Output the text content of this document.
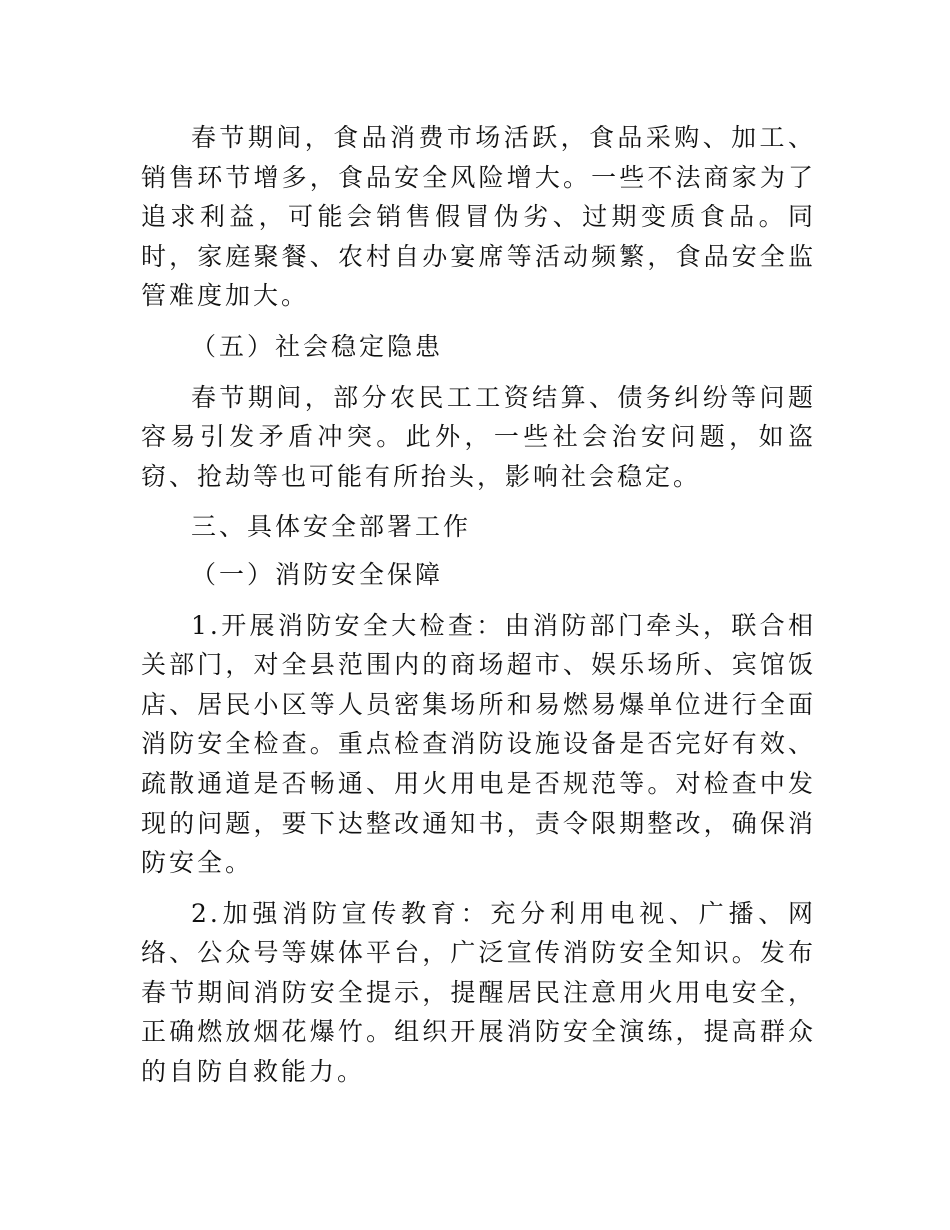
春节期间，食品消费市场活跃，食品采购、加工、销售环节增多，食品安全风险增大。一些不法商家为了追求利益，可能会销售假冒伪劣、过期变质食品。同时，家庭聚餐、农村自办宴席等活动频繁，食品安全监管难度加大。

（五）社会稳定隐患

春节期间，部分农民工工资结算、债务纠纷等问题容易引发矛盾冲突。此外，一些社会治安问题，如盗窃、抢劫等也可能有所抬头，影响社会稳定。

三、具体安全部署工作

（一）消防安全保障

1.开展消防安全大检查：由消防部门牵头，联合相关部门，对全县范围内的商场超市、娱乐场所、宾馆饭店、居民小区等人员密集场所和易燃易爆单位进行全面消防安全检查。重点检查消防设施设备是否完好有效、疏散通道是否畅通、用火用电是否规范等。对检查中发现的问题，要下达整改通知书，责令限期整改，确保消防安全。

2.加强消防宣传教育：充分利用电视、广播、网络、公众号等媒体平台，广泛宣传消防安全知识。发布春节期间消防安全提示，提醒居民注意用火用电安全，正确燃放烟花爆竹。组织开展消防安全演练，提高群众的自防自救能力。
